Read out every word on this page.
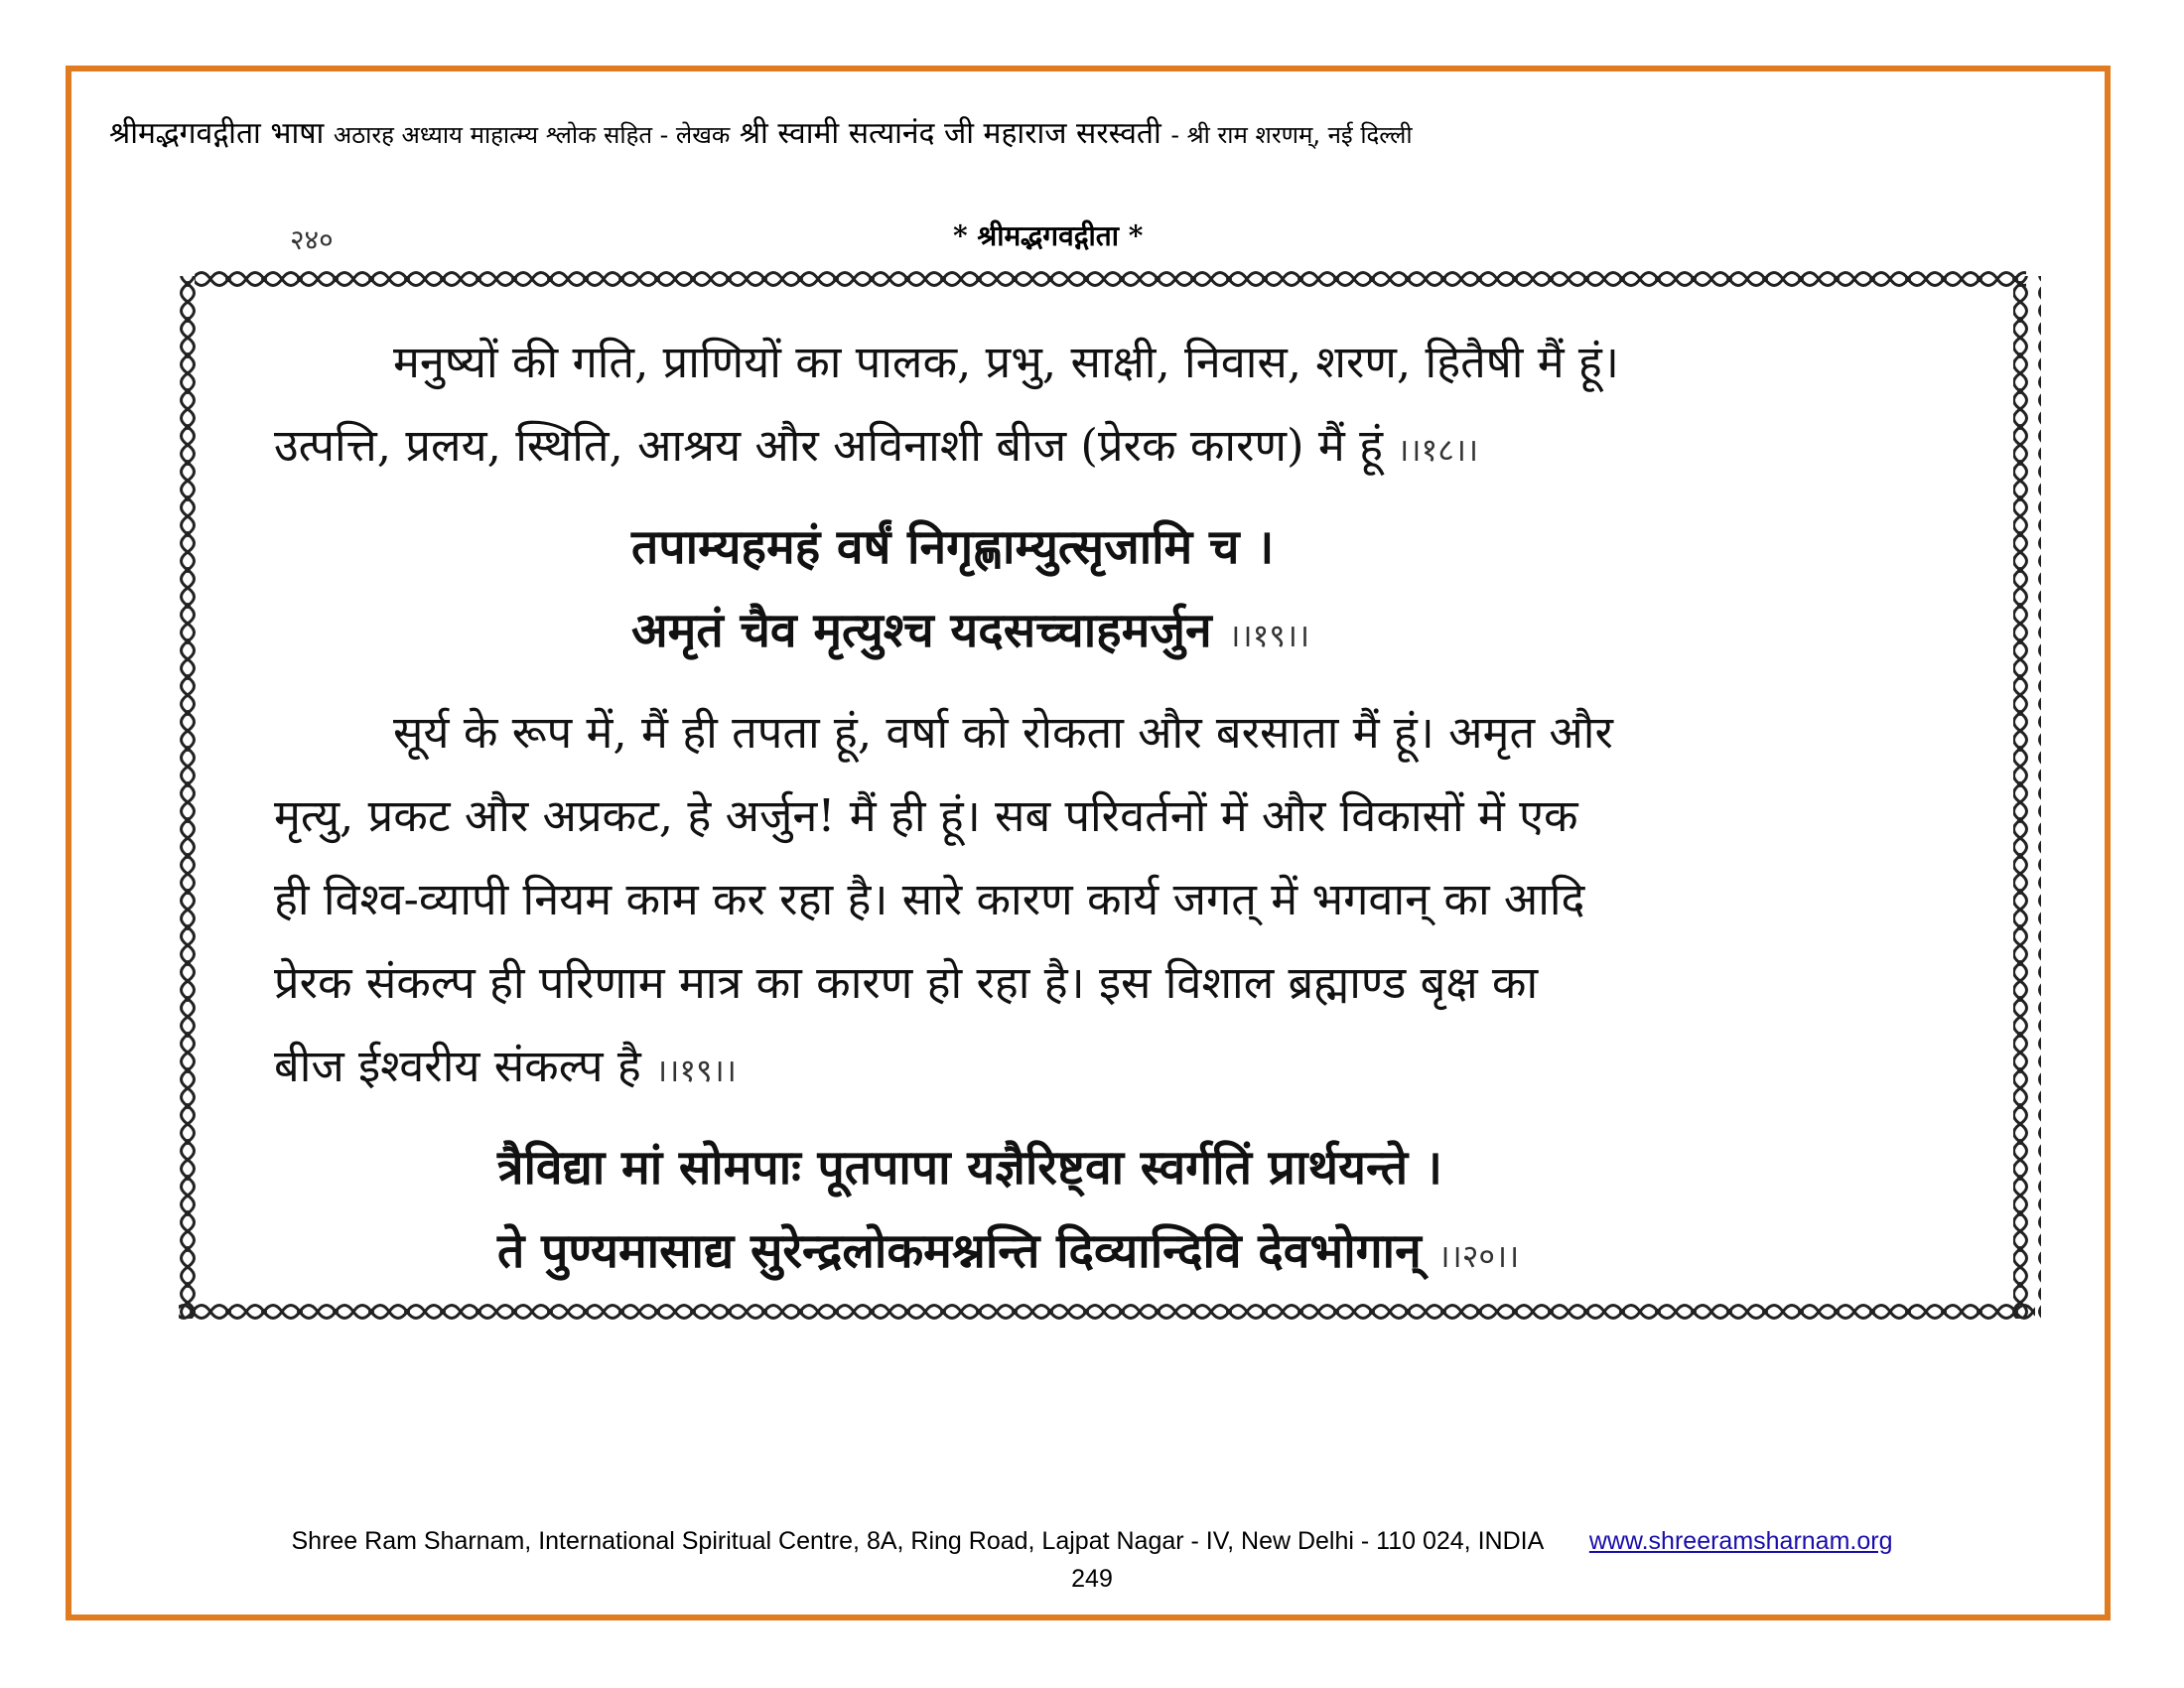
श्रीमद्भगवद्गीता भाषा अठारह अध्याय माहात्म्य श्लोक सहित - लेखक श्री स्वामी सत्यानंद जी महाराज सरस्वती - श्री राम शरणम्, नई दिल्ली
२४०	* श्रीमद्भगवद्गीता *

मनुष्यों की गति, प्राणियों का पालक, प्रभु, साक्षी, निवास, शरण, हितैषी मैं हूं।

उत्पत्ति, प्रलय, स्थिति, आश्रय और अविनाशी बीज (प्रेरक कारण) मैं हूं ।।१८।।

तपाम्यहमहं वर्षं निगृह्णाम्युत्सृजामि च ।

अमृतं चैव मृत्युश्च यदसच्चाहमर्जुन ।।१९।।

सूर्य के रूप में, मैं ही तपता हूं, वर्षा को रोकता और बरसाता मैं हूं। अमृत और

मृत्यु, प्रकट और अप्रकट, हे अर्जुन! मैं ही हूं। सब परिवर्तनों में और विकासों में एक

ही विश्व-व्यापी नियम काम कर रहा है। सारे कारण कार्य जगत् में भगवान् का आदि

प्रेरक संकल्प ही परिणाम मात्र का कारण हो रहा है। इस विशाल ब्रह्माण्ड बृक्ष का

बीज ईश्वरीय संकल्प है ।।१९।।

त्रैविद्या मां सोमपाः पूतपापा यज्ञैरिष्ट्वा स्वर्गतिं प्रार्थयन्ते ।

ते पुण्यमासाद्य सुरेन्द्रलोकमश्नन्ति दिव्यान्दिवि देवभोगान् ।।२०।।

Shree Ram Sharnam, International Spiritual Centre, 8A, Ring Road, Lajpat Nagar - IV, New Delhi - 110 024, INDIA www.shreeramsharnam.org
249
